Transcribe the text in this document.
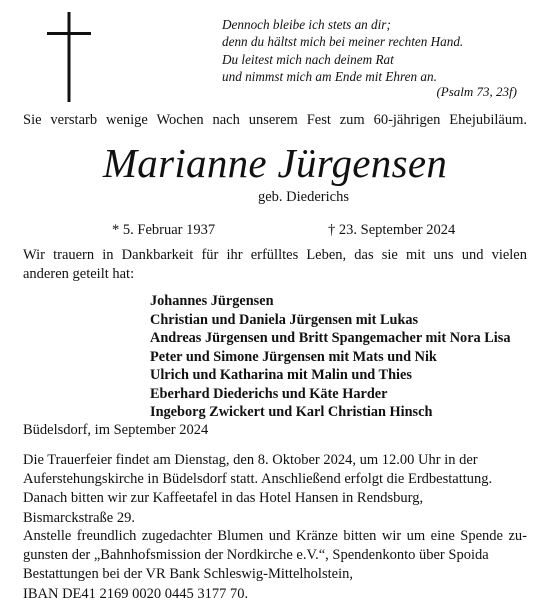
Dennoch bleibe ich stets an dir;
denn du hältst mich bei meiner rechten Hand.
Du leitest mich nach deinem Rat
und nimmst mich am Ende mit Ehren an.
(Psalm 73, 23f)
Sie verstarb wenige Wochen nach unserem Fest zum 60-jährigen Ehejubiläum.
Marianne Jürgensen
geb. Diederichs
* 5. Februar 1937	† 23. September 2024
Wir trauern in Dankbarkeit für ihr erfülltes Leben, das sie mit uns und vielen
anderen geteilt hat:
Johannes Jürgensen
Christian und Daniela Jürgensen mit Lukas
Andreas Jürgensen und Britt Spangemacher mit Nora Lisa
Peter und Simone Jürgensen mit Mats und Nik
Ulrich und Katharina mit Malin und Thies
Eberhard Diederichs und Käte Harder
Ingeborg Zwickert und Karl Christian Hinsch
Büdelsdorf, im September 2024
Die Trauerfeier findet am Dienstag, den 8. Oktober 2024, um 12.00 Uhr in der
Auferstehungskirche in Büdelsdorf statt. Anschließend erfolgt die Erdbestattung.
Danach bitten wir zur Kaffeetafel in das Hotel Hansen in Rendsburg,
Bismarckstraße 29.
Anstelle freundlich zugedachter Blumen und Kränze bitten wir um eine Spende zu-
gunsten der „Bahnhofsmission der Nordkirche e.V.“, Spendenkonto über Spoida
Bestattungen bei der VR Bank Schleswig-Mittelholstein,
IBAN DE41 2169 0020 0445 3177 70.
